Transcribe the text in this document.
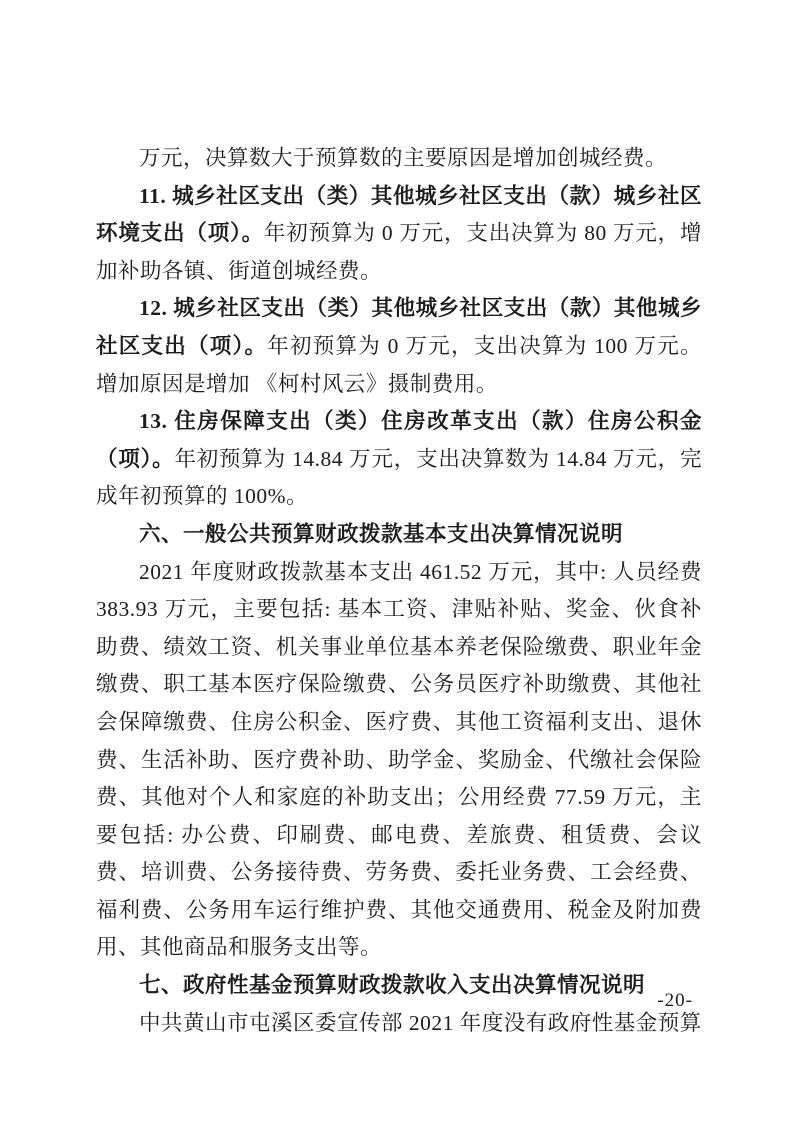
万元，决算数大于预算数的主要原因是增加创城经费。

11. 城乡社区支出（类）其他城乡社区支出（款）城乡社区环境支出（项）。年初预算为 0 万元，支出决算为 80 万元，增加补助各镇、街道创城经费。

12. 城乡社区支出（类）其他城乡社区支出（款）其他城乡社区支出（项）。年初预算为 0 万元，支出决算为 100 万元。增加原因是增加 《柯村风云》摄制费用。

13. 住房保障支出（类）住房改革支出（款）住房公积金（项）。年初预算为 14.84 万元，支出决算数为 14.84 万元，完成年初预算的 100%。

六、一般公共预算财政拨款基本支出决算情况说明

2021 年度财政拨款基本支出 461.52 万元，其中: 人员经费 383.93 万元，主要包括: 基本工资、津贴补贴、奖金、伙食补助费、绩效工资、机关事业单位基本养老保险缴费、职业年金缴费、职工基本医疗保险缴费、公务员医疗补助缴费、其他社会保障缴费、住房公积金、医疗费、其他工资福利支出、退休费、生活补助、医疗费补助、助学金、奖励金、代缴社会保险费、其他对个人和家庭的补助支出；公用经费 77.59 万元，主要包括: 办公费、印刷费、邮电费、差旅费、租赁费、会议费、培训费、公务接待费、劳务费、委托业务费、工会经费、福利费、公务用车运行维护费、其他交通费用、税金及附加费用、其他商品和服务支出等。

七、政府性基金预算财政拨款收入支出决算情况说明

中共黄山市屯溪区委宣传部 2021 年度没有政府性基金预算

-20-
